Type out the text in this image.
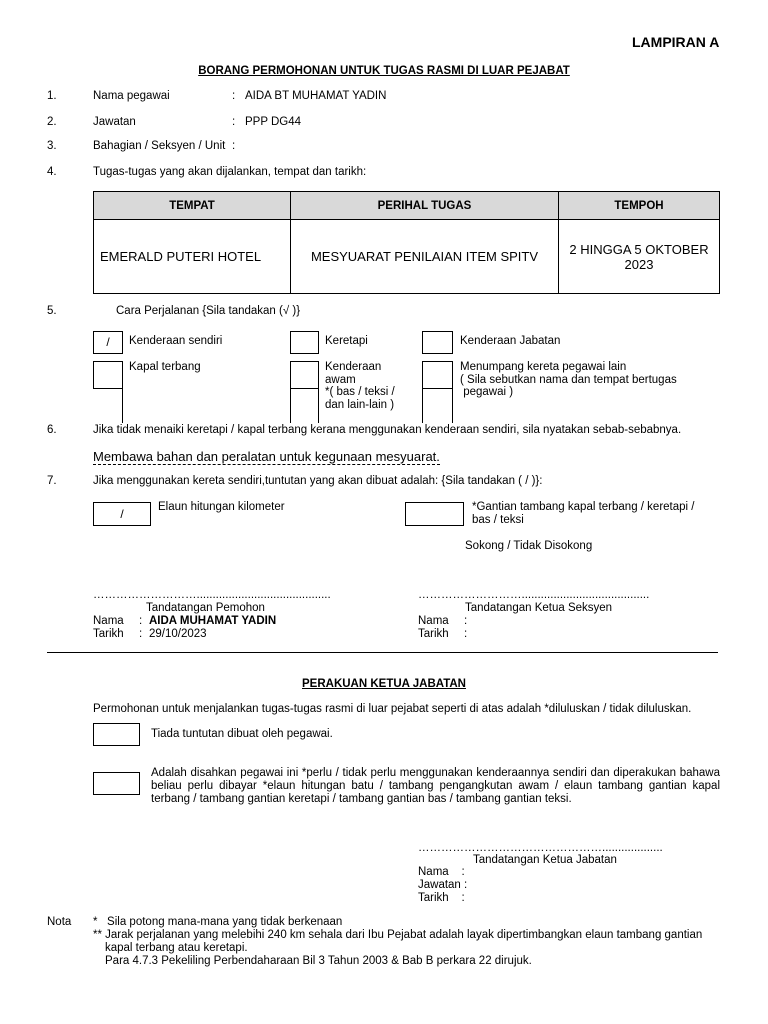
LAMPIRAN A
BORANG PERMOHONAN UNTUK TUGAS RASMI DI LUAR PEJABAT
1.	Nama pegawai	: AIDA BT MUHAMAT YADIN
2.	Jawatan	: PPP DG44
3.	Bahagian / Seksyen / Unit :
4.	Tugas-tugas yang akan dijalankan, tempat dan tarikh:
TEMPAT	PERIHAL TUGAS	TEMPOH
EMERALD PUTERI HOTEL	MESYUARAT PENILAIAN ITEM SPITV	2 HINGGA 5 OKTOBER 2023
5.	Cara Perjalanan {Sila tandakan (√ )}
/	Kenderaan sendiri	Keretapi	Kenderaan Jabatan
Kapal terbang	Kenderaan
awam
*( bas / teksi /
dan lain-lain )
Menumpang kereta pegawai lain
( Sila sebutkan nama dan tempat bertugas
pegawai )
6.	Jika tidak menaiki keretapi / kapal terbang kerana menggunakan kenderaan sendiri, sila nyatakan sebab-sebabnya.
Membawa bahan dan peralatan untuk kegunaan mesyuarat.
7.	Jika menggunakan kereta sendiri,tuntutan yang akan dibuat adalah: {Sila tandakan ( / )}:
/	Elaun hitungan kilometer	*Gantian tambang kapal terbang / keretapi /
bas / teksi
Sokong / Tidak Disokong
………………………..........................................
Tandatangan Pemohon
Nama : AIDA MUHAMAT YADIN
Tarikh : 29/10/2023
………………………........................................
Tandatangan Ketua Seksyen
Nama :
Tarikh :
PERAKUAN KETUA JABATAN
Permohonan untuk menjalankan tugas-tugas rasmi di luar pejabat seperti di atas adalah *diluluskan / tidak diluluskan.
Tiada tuntutan dibuat oleh pegawai.
Adalah disahkan pegawai ini *perlu / tidak perlu menggunakan kenderaannya sendiri dan diperakukan bahawa beliau perlu dibayar *elaun hitungan batu / tambang pengangkutan awam / elaun tambang gantian kapal terbang / tambang gantian keretapi / tambang gantian bas / tambang gantian teksi.
…………………………………………...................
Tandatangan Ketua Jabatan
Nama    :
Jawatan :
Tarikh    :
Nota *   Sila potong mana-mana yang tidak berkenaan
** Jarak perjalanan yang melebihi 240 km sehala dari Ibu Pejabat adalah layak dipertimbangkan elaun tambang gantian
kapal terbang atau keretapi.
Para 4.7.3 Pekeliling Perbendaharaan Bil 3 Tahun 2003 & Bab B perkara 22 dirujuk.
